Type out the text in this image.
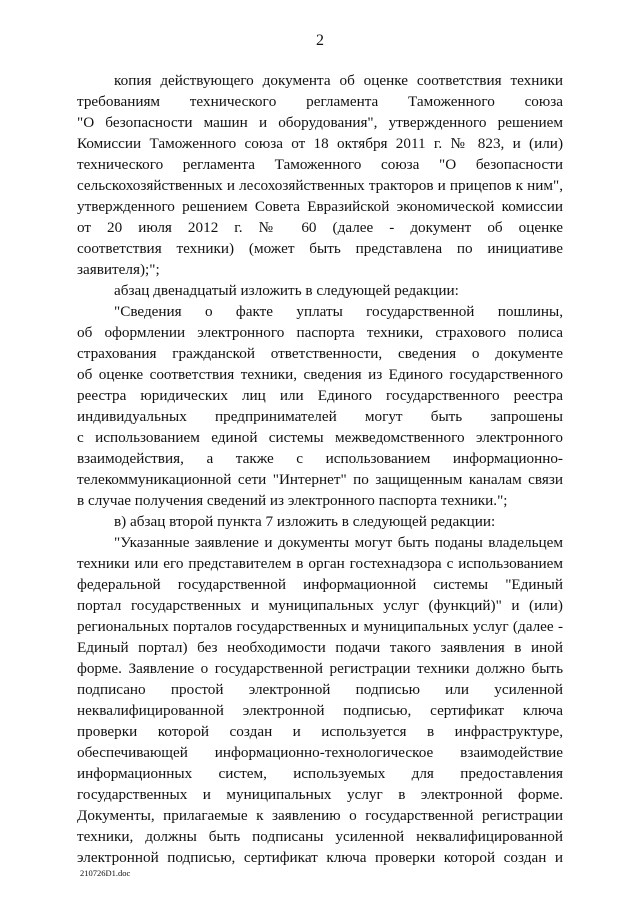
2
копия действующего документа об оценке соответствия техники
требованиям техническогo регламента Таможенного союза
"О безопасности машин и оборудования", утвержденного решением
Комиссии Таможенного союза от 18 октября 2011 г. № 823, и (или)
технического регламента Таможенного союза "О безопасности
сельскохозяйственных и лесохозяйственных тракторов и прицепов к ним",
утвержденного решением Совета Евразийской экономической комиссии
от 20 июля 2012 г. № 60 (далее - документ об оценке
соответствия техники) (может быть представлена по инициативе
заявителя);";
абзац двенадцатый изложить в следующей редакции:
"Сведения о факте уплаты государственной пошлины,
об оформлении электронного паспорта техники, страхового полиса
страхования гражданской ответственности, сведения о документе
об оценке соответствия техники, сведения из Единого государственного
реестра юридических лиц или Единого государственного реестра
индивидуальных предпринимателей могут быть запрошены
с использованием единой системы межведомственного электронного
взаимодействия, а также с использованием информационно-
телекоммуникационной сети "Интернет" по защищенным каналам связи
в случае получения сведений из электронного паспорта техники.";
в) абзац второй пункта 7 изложить в следующей редакции:
"Указанные заявление и документы могут быть поданы владельцем
техники или его представителем в орган гостехнадзора с использованием
федеральной государственной информационной системы "Единый
портал государственных и муниципальных услуг (функций)" и (или)
региональных порталов государственных и муниципальных услуг (далее -
Единый портал) без необходимости подачи такого заявления в иной
форме. Заявление о государственной регистрации техники должно быть
подписано простой электронной подписью или усиленной
неквалифицированной электронной подписью, сертификат ключа
проверки которой создан и используется в инфраструктуре,
обеспечивающей информационно-технологическое взаимодействие
информационных систем, используемых для предоставления
государственных и муниципальных услуг в электронной форме.
Документы, прилагаемые к заявлению о государственной регистрации
техники, должны быть подписаны усиленной неквалифицированной
электронной подписью, сертификат ключа проверки которой создан и
210726D1.doc
